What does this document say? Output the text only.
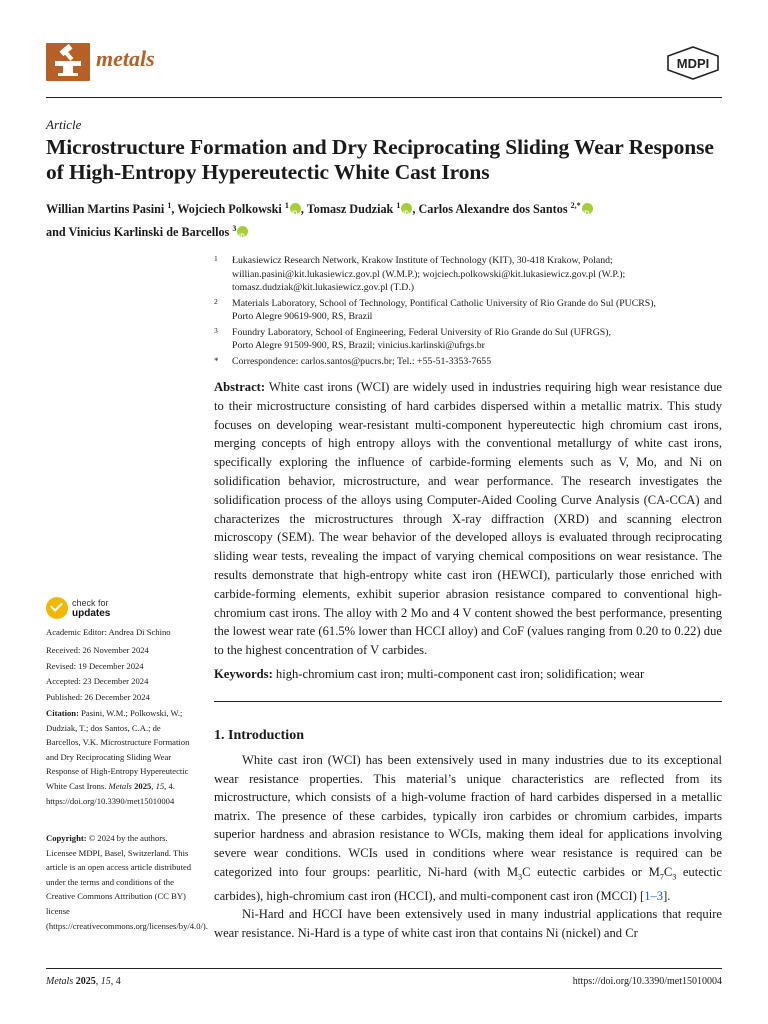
metals	MDPI
Article
Microstructure Formation and Dry Reciprocating Sliding Wear Response of High-Entropy Hypereutectic White Cast Irons
Willian Martins Pasini $^1$, Wojciech Polkowski $^1$ iD , Tomasz Dudziak $^1$ iD , Carlos Alexandre dos Santos $^{2,*}$iD
and Vinicius Karlinski de Barcellos $^3$iD
1 Łukasiewicz Research Network, Krakow Institute of Technology (KIT), 30-418 Krakow, Poland;
willian.pasini@kit.lukasiewicz.gov.pl (W.M.P.); wojciech.polkowski@kit.lukasiewicz.gov.pl (W.P.);
tomasz.dudziak@kit.lukasiewicz.gov.pl (T.D.)
2 Materials Laboratory, School of Technology, Pontifical Catholic University of Rio Grande do Sul (PUCRS),
Porto Alegre 90619-900, RS, Brazil
3 Foundry Laboratory, School of Engineering, Federal University of Rio Grande do Sul (UFRGS),
Porto Alegre 91509-900, RS, Brazil; vinicius.karlinski@ufrgs.br
* Correspondence: carlos.santos@pucrs.br; Tel.: +55-51-3353-7655
Abstract: White cast irons (WCI) are widely used in industries requiring high wear resistance due to their microstructure consisting of hard carbides dispersed within a metallic matrix. This study focuses on developing wear-resistant multi-component hypereutectic high chromium cast irons, merging concepts of high entropy alloys with the conventional metallurgy of white cast irons, specifically exploring the influence of carbide-forming elements such as V, Mo, and Ni on solidification behavior, microstructure, and wear performance. The research investigates the solidification process of the alloys using Computer-Aided Cooling Curve Analysis (CA-CCA) and characterizes the microstructures through X-ray diffraction (XRD) and scanning electron microscopy (SEM). The wear behavior of the developed alloys is evaluated through reciprocating sliding wear tests, revealing the impact of varying chemical compositions on wear resistance. The results demonstrate that high-entropy white cast iron (HEWCI), particularly those enriched with carbide-forming elements, exhibit superior abrasion resistance compared to conventional high-chromium cast irons. The alloy with 2 Mo and 4 V content showed the best performance, presenting the lowest wear rate (61.5% lower than HCCI alloy) and CoF (values ranging from 0.20 to 0.22) due to the highest concentration of V carbides.
Keywords: high-chromium cast iron; multi-component cast iron; solidification; wear
1. Introduction

White cast iron (WCI) has been extensively used in many industries due to its exceptional wear resistance properties. This material’s unique characteristics are reflected from its microstructure, which consists of a high-volume fraction of hard carbides dispersed in a metallic matrix. The presence of these carbides, typically iron carbides or chromium carbides, imparts superior hardness and abrasion resistance to WCIs, making them ideal for applications involving severe wear conditions. WCIs used in conditions where wear resistance is required can be categorized into four groups: pearlitic, Ni-hard (with $M_3C$ eutectic carbides or $M_7C_3$ eutectic carbides), high-chromium cast iron (HCCI), and multi-component cast iron (MCCI) [1–3].

Ni-Hard and HCCI have been extensively used in many industrial applications that require wear resistance. Ni-Hard is a type of white cast iron that contains Ni (nickel) and Cr

check for
updates
Academic Editor: Andrea Di Schino
Received: 26 November 2024
Revised: 19 December 2024
Accepted: 23 December 2024
Published: 26 December 2024
Citation: Pasini, W.M.; Polkowski, W.; Dudziak, T.; dos Santos, C.A.; de Barcellos, V.K. Microstructure Formation and Dry Reciprocating Sliding Wear Response of High-Entropy Hypereutectic White Cast Irons. Metals 2025, 15, 4. https://doi.org/10.3390/met15010004
Copyright: © 2024 by the authors. Licensee MDPI, Basel, Switzerland. This article is an open access article distributed under the terms and conditions of the Creative Commons Attribution (CC BY) license (https://creativecommons.org/licenses/by/4.0/).
Metals 2025, 15, 4	https://doi.org/10.3390/met15010004
